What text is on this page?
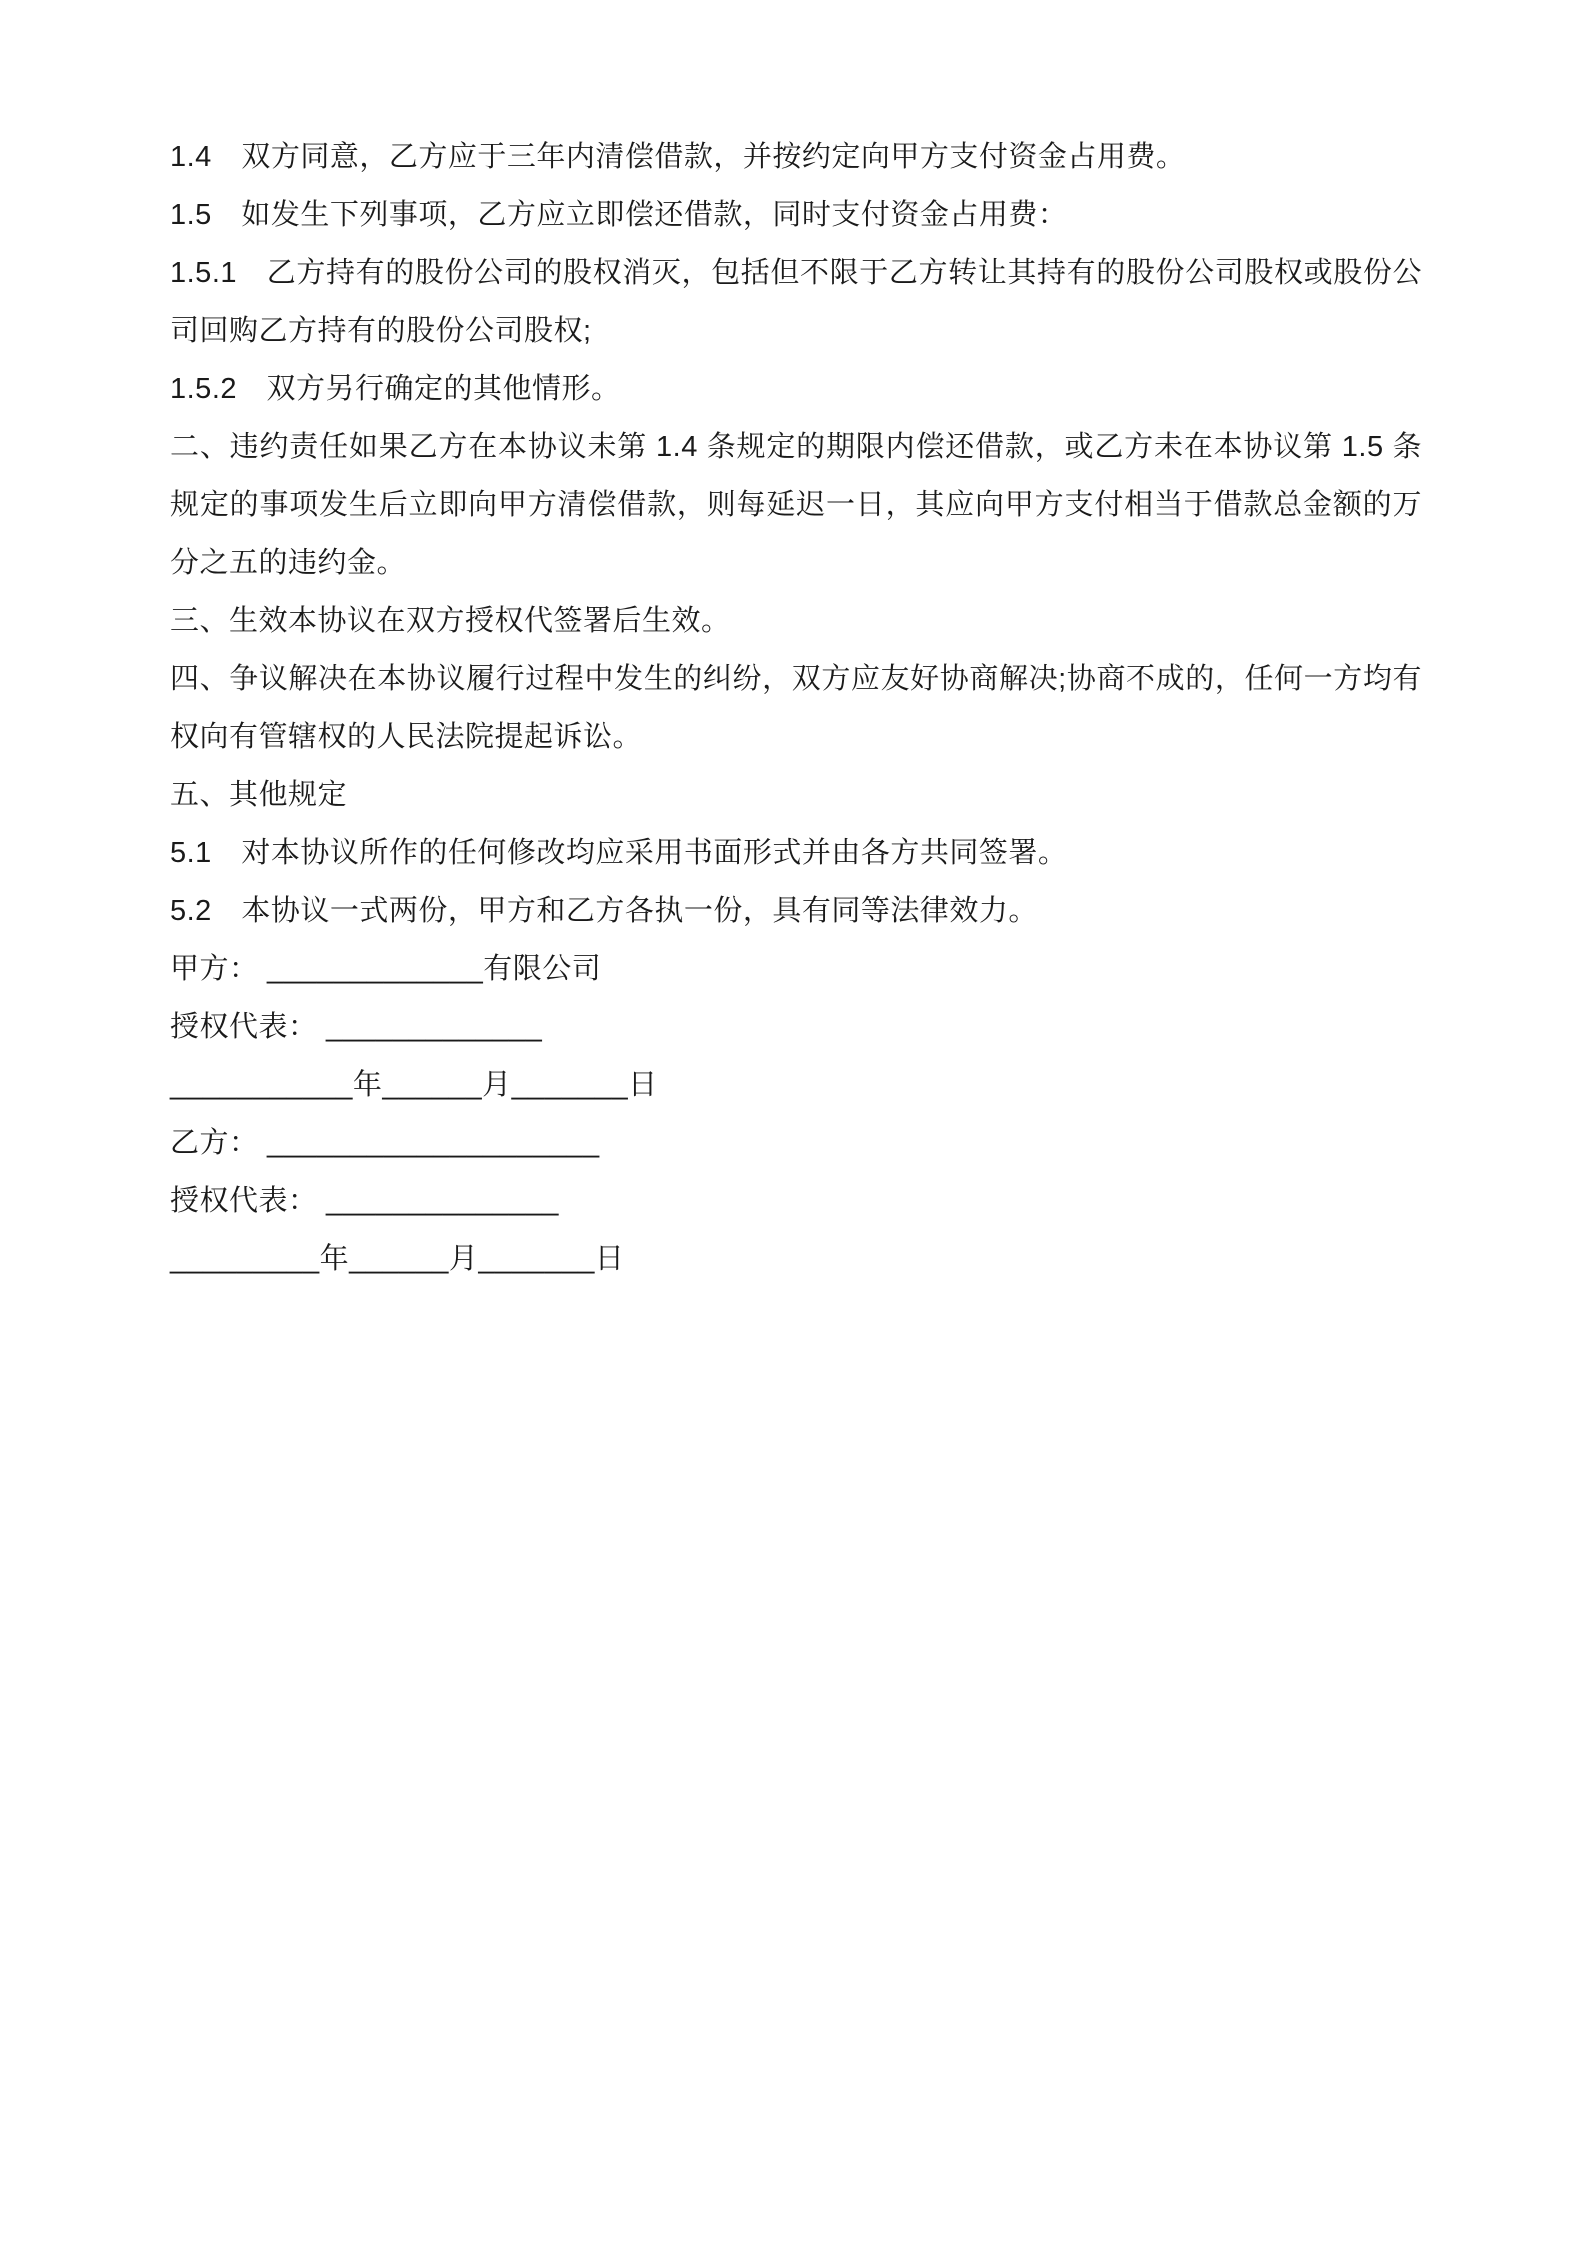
1.4　双方同意，乙方应于三年内清偿借款，并按约定向甲方支付资金占用费。

1.5　如发生下列事项，乙方应立即偿还借款，同时支付资金占用费：

1.5.1　乙方持有的股份公司的股权消灭，包括但不限于乙方转让其持有的股份公司股权或股份公司回购乙方持有的股份公司股权;

1.5.2　双方另行确定的其他情形。

二、违约责任如果乙方在本协议未第 1.4 条规定的期限内偿还借款，或乙方未在本协议第 1.5 条规定的事项发生后立即向甲方清偿借款，则每延迟一日，其应向甲方支付相当于借款总金额的万分之五的违约金。

三、生效本协议在双方授权代签署后生效。

四、争议解决在本协议履行过程中发生的纠纷，双方应友好协商解决;协商不成的，任何一方均有权向有管辖权的人民法院提起诉讼。

五、其他规定

5.1　对本协议所作的任何修改均应采用书面形式并由各方共同签署。

5.2　本协议一式两份，甲方和乙方各执一份，具有同等法律效力。

甲方： _____________有限公司

授权代表： _____________

___________年______月_______日

乙方： ____________________

授权代表： ______________

_________年______月_______日
